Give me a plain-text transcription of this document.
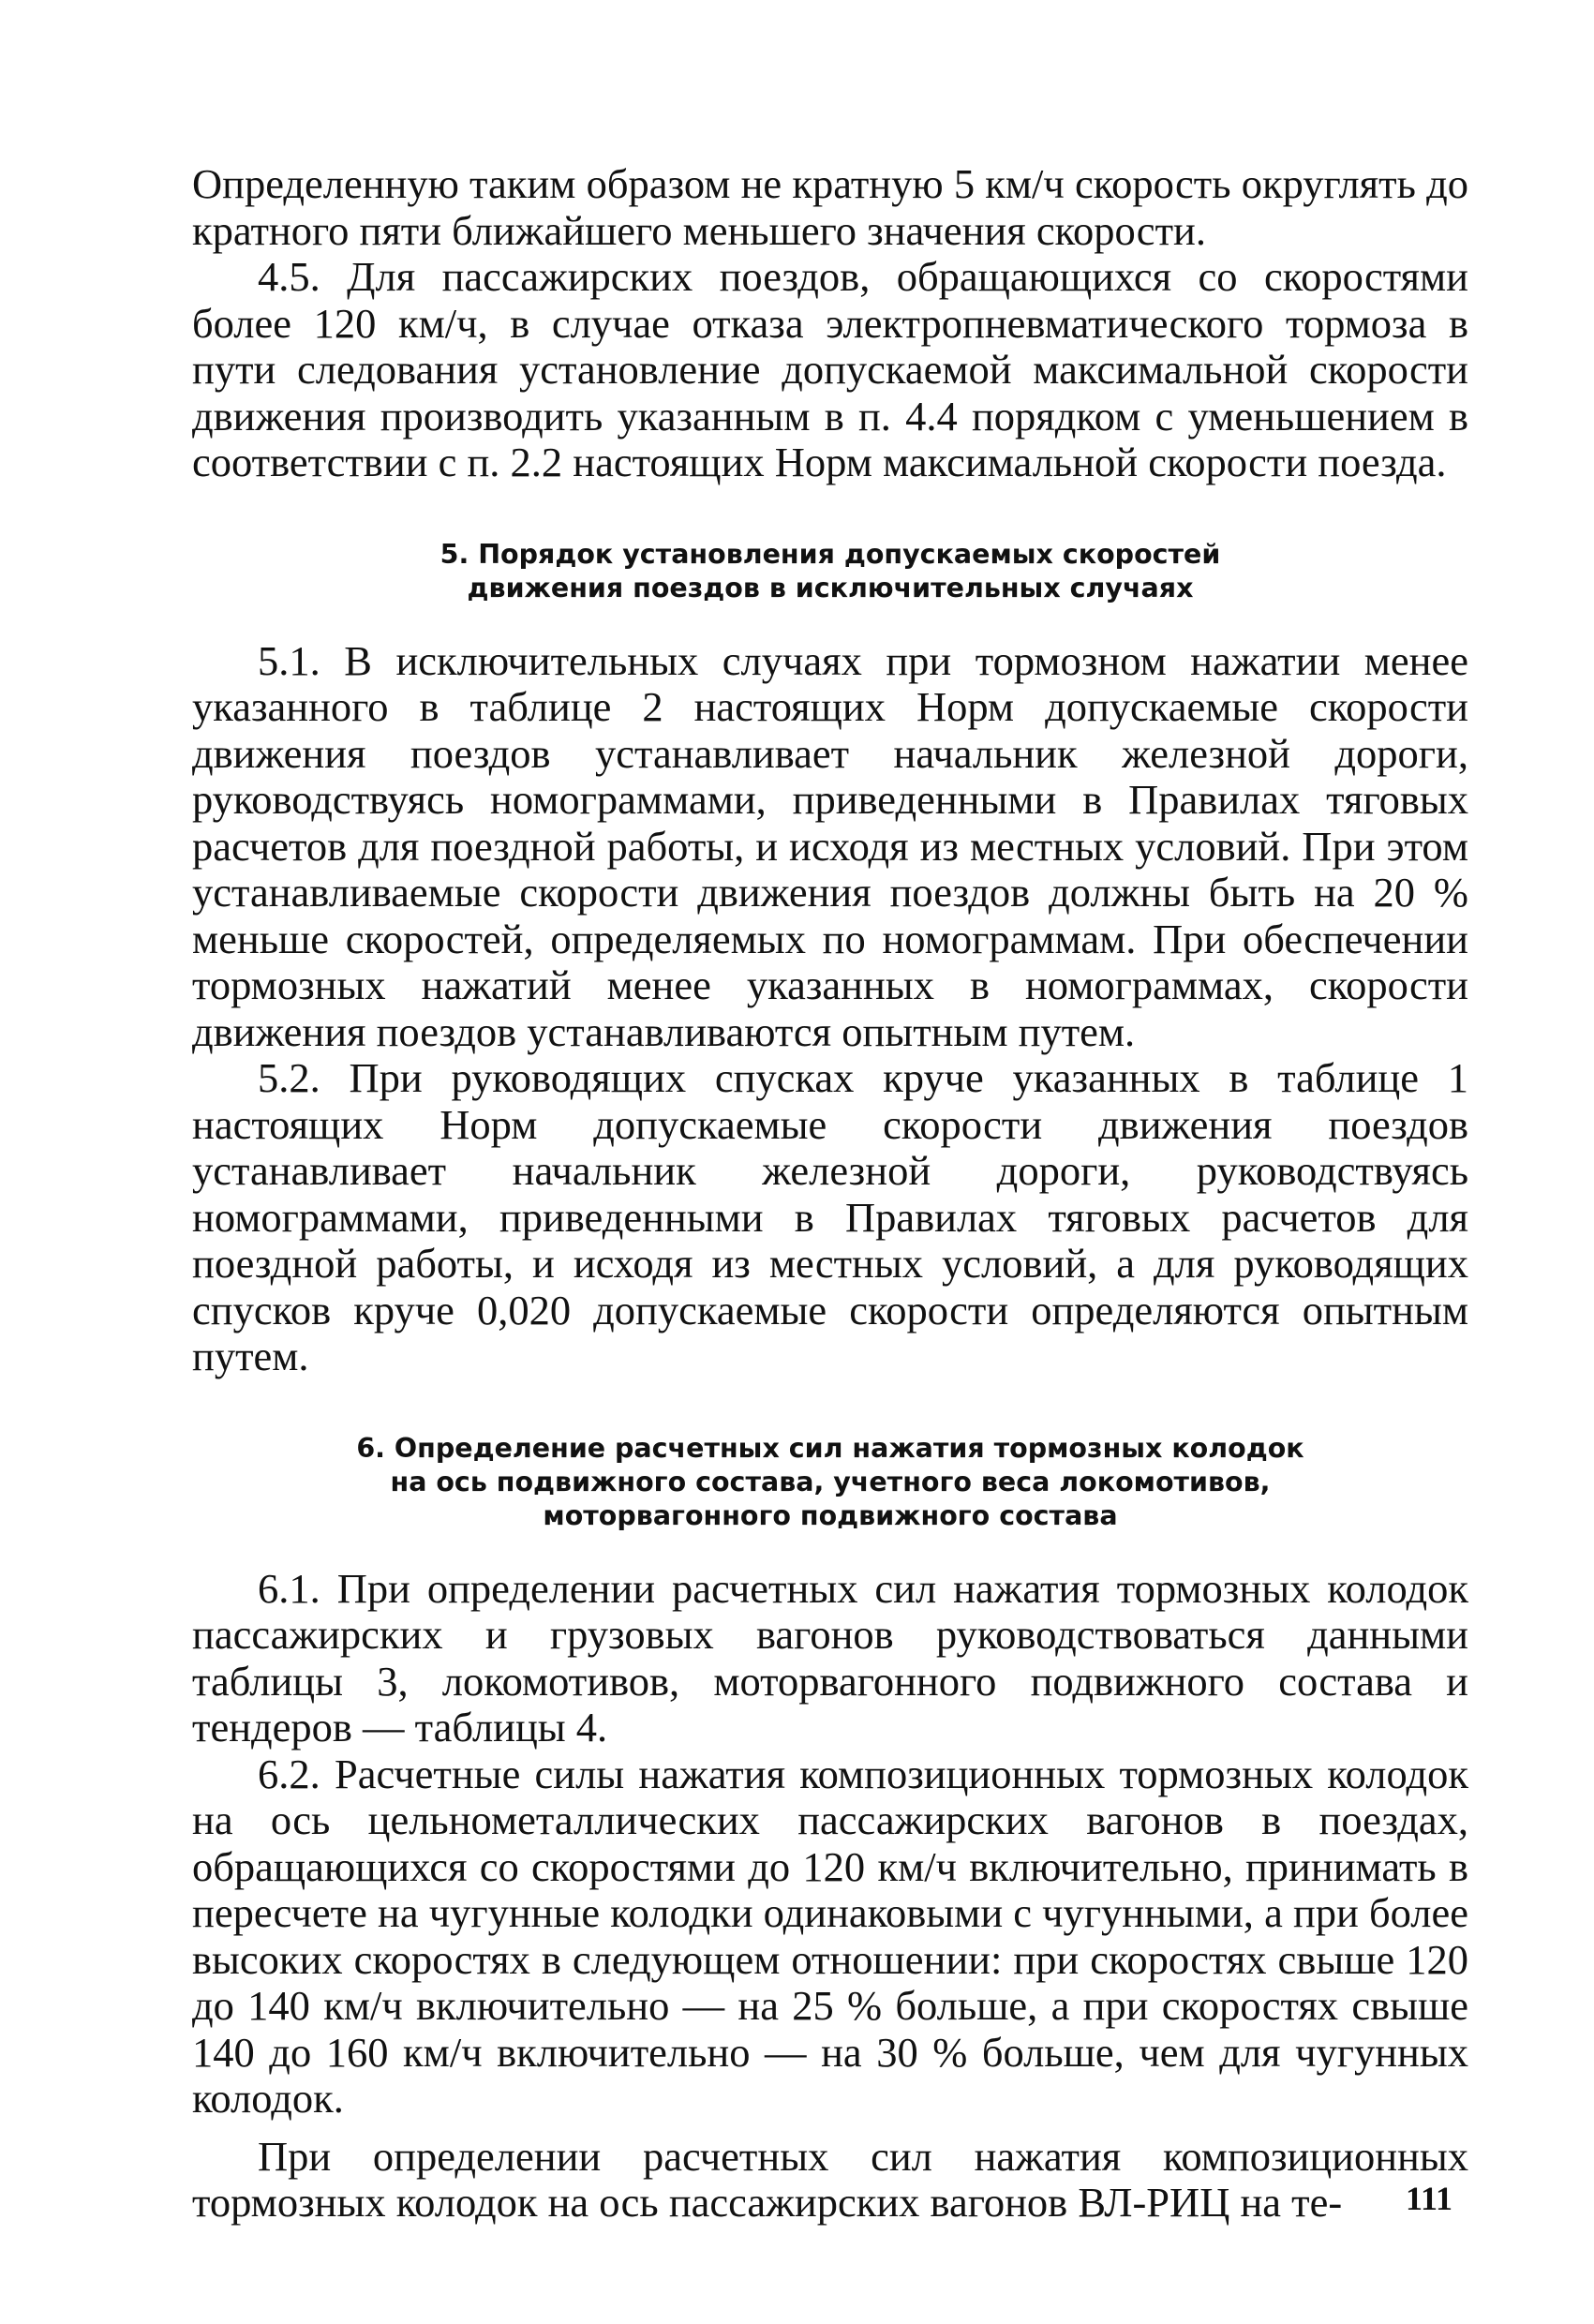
Определенную таким образом не кратную 5 км/ч скорость округлять до кратного пяти ближайшего меньшего значения скорости.

4.5. Для пассажирских поездов, обращающихся со скоростями более 120 км/ч, в случае отказа электропневматического тормоза в пути следования установление допускаемой максимальной скорости движения производить указанным в п. 4.4 порядком с уменьшением в соответствии с п. 2.2 настоящих Норм максимальной скорости поезда.

5. Порядок установления допускаемых скоростей
движения поездов в исключительных случаях

5.1. В исключительных случаях при тормозном нажатии менее указанного в таблице 2 настоящих Норм допускаемые скорости движения поездов устанавливает начальник железной дороги, руководствуясь номограммами, приведенными в Правилах тяговых расчетов для поездной работы, и исходя из местных условий. При этом устанавливаемые скорости движения поездов должны быть на 20 % меньше скоростей, определяемых по номограммам. При обеспечении тормозных нажатий менее указанных в номограммах, скорости движения поездов устанавливаются опытным путем.

5.2. При руководящих спусках круче указанных в таблице 1 настоящих Норм допускаемые скорости движения поездов устанавливает начальник железной дороги, руководствуясь номограммами, приведенными в Правилах тяговых расчетов для поездной работы, и исходя из местных условий, а для руководящих спусков круче 0,020 допускаемые скорости определяются опытным путем.

6. Определение расчетных сил нажатия тормозных колодок
на ось подвижного состава, учетного веса локомотивов,
моторвагонного подвижного состава

6.1. При определении расчетных сил нажатия тормозных колодок пассажирских и грузовых вагонов руководствоваться данными таблицы 3, локомотивов, моторвагонного подвижного состава и тендеров — таблицы 4.

6.2. Расчетные силы нажатия композиционных тормозных колодок на ось цельнометаллических пассажирских вагонов в поездах, обращающихся со скоростями до 120 км/ч включительно, принимать в пересчете на чугунные колодки одинаковыми с чугунными, а при более высоких скоростях в следующем отношении: при скоростях свыше 120 до 140 км/ч включительно — на 25 % больше, а при скоростях свыше 140 до 160 км/ч включительно — на 30 % больше, чем для чугунных колодок.

При определении расчетных сил нажатия композиционных тормозных колодок на ось пассажирских вагонов ВЛ-РИЦ на те-	111
